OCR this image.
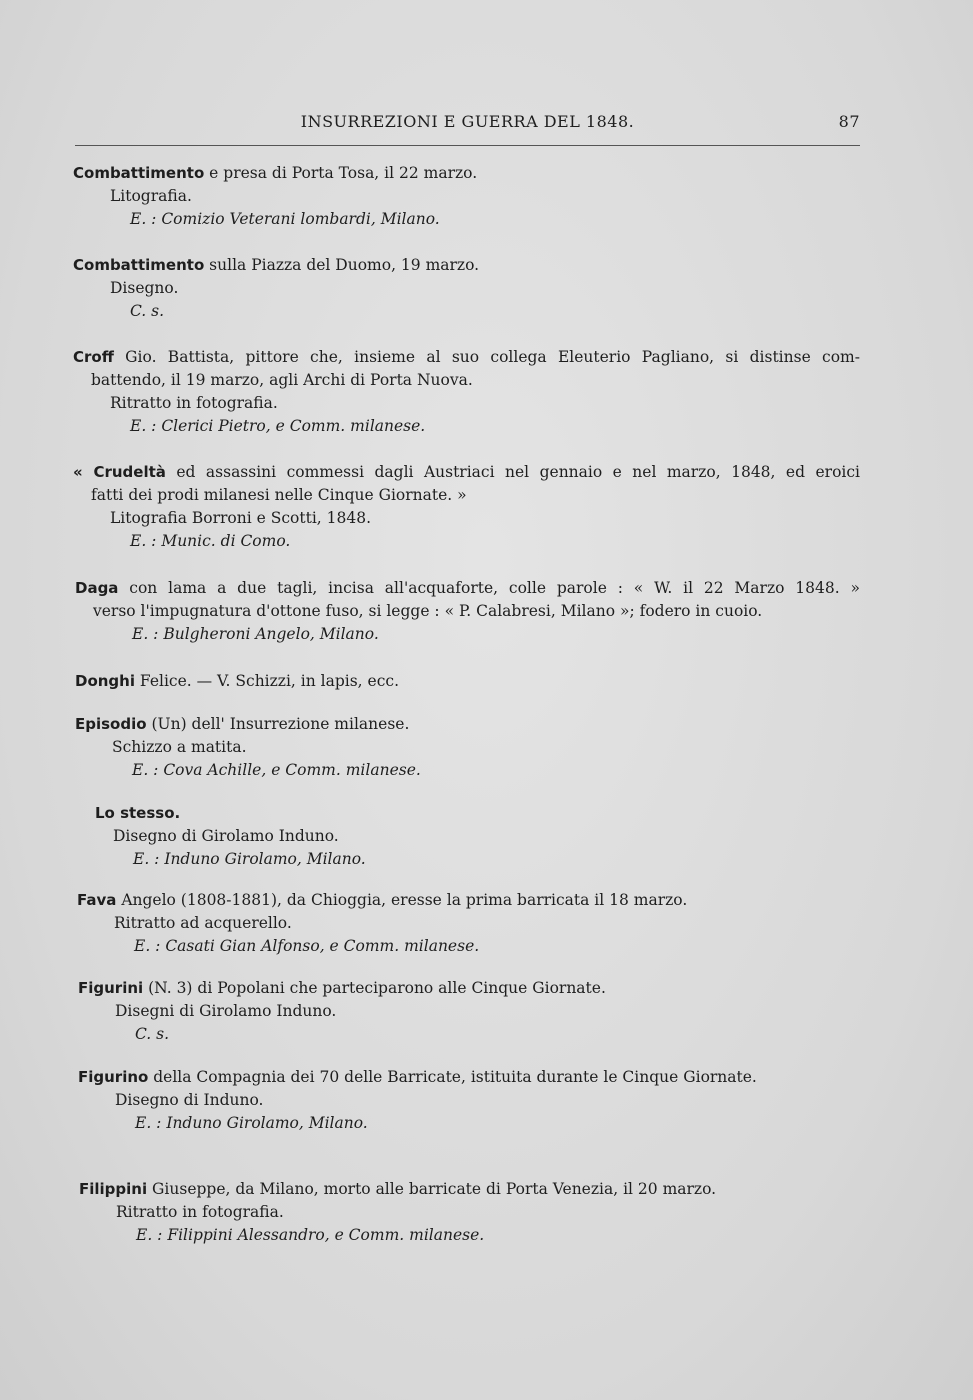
INSURREZIONI E GUERRA DEL 1848.	87
Combattimento e presa di Porta Tosa, il 22 marzo.
Litografia.
E. : Comizio Veterani lombardi, Milano.
Combattimento sulla Piazza del Duomo, 19 marzo.
Disegno.
C. s.
Croff Gio. Battista, pittore che, insieme al suo collega Eleuterio Pagliano, si distinse com-
battendo, il 19 marzo, agli Archi di Porta Nuova.
Ritratto in fotografia.
E. : Clerici Pietro, e Comm. milanese.
« Crudeltà ed assassini commessi dagli Austriaci nel gennaio e nel marzo, 1848, ed eroici
fatti dei prodi milanesi nelle Cinque Giornate. »
Litografia Borroni e Scotti, 1848.
E. : Munic. di Como.
Daga con lama a due tagli, incisa all'acquaforte, colle parole : « W. il 22 Marzo 1848. »
verso l'impugnatura d'ottone fuso, si legge : « P. Calabresi, Milano »; fodero in cuoio.
E. : Bulgheroni Angelo, Milano.
Donghi Felice. — V. Schizzi, in lapis, ecc.
Episodio (Un) dell' Insurrezione milanese.
Schizzo a matita.
E. : Cova Achille, e Comm. milanese.
Lo stesso.
Disegno di Girolamo Induno.
E. : Induno Girolamo, Milano.
Fava Angelo (1808-1881), da Chioggia, eresse la prima barricata il 18 marzo.
Ritratto ad acquerello.
E. : Casati Gian Alfonso, e Comm. milanese.
Figurini (N. 3) di Popolani che parteciparono alle Cinque Giornate.
Disegni di Girolamo Induno.
C. s.
Figurino della Compagnia dei 70 delle Barricate, istituita durante le Cinque Giornate.
Disegno di Induno.
E. : Induno Girolamo, Milano.
Filippini Giuseppe, da Milano, morto alle barricate di Porta Venezia, il 20 marzo.
Ritratto in fotografia.
E. : Filippini Alessandro, e Comm. milanese.
